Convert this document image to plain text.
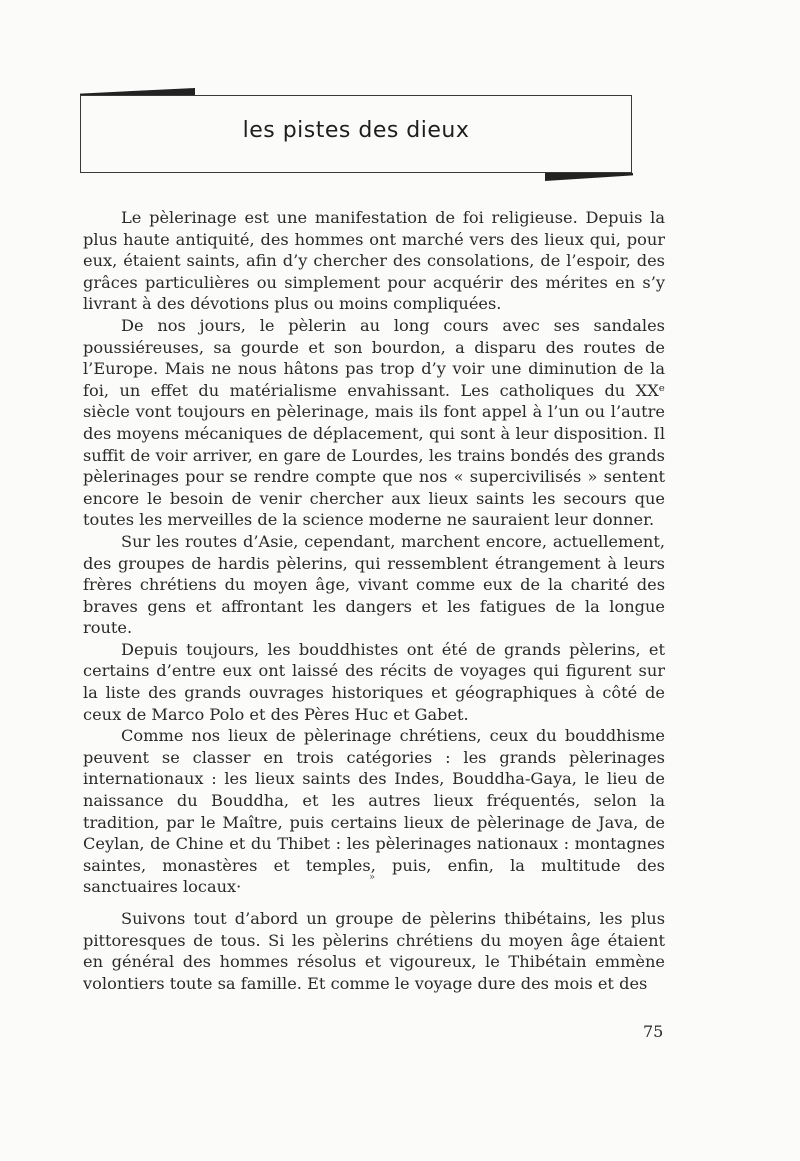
les pistes des dieux

Le pèlerinage est une manifestation de foi religieuse. Depuis la plus haute antiquité, des hommes ont marché vers des lieux qui, pour eux, étaient saints, afin d’y chercher des consolations, de l’espoir, des grâces particulières ou simplement pour acquérir des mérites en s’y livrant à des dévotions plus ou moins compliquées.

De nos jours, le pèlerin au long cours avec ses sandales poussiéreuses, sa gourde et son bourdon, a disparu des routes de l’Europe. Mais ne nous hâtons pas trop d’y voir une diminution de la foi, un effet du matérialisme envahissant. Les catholiques du XXᵉ siècle vont toujours en pèlerinage, mais ils font appel à l’un ou l’autre des moyens mécaniques de déplacement, qui sont à leur disposition. Il suffit de voir arriver, en gare de Lourdes, les trains bondés des grands pèlerinages pour se rendre compte que nos « supercivilisés » sentent encore le besoin de venir chercher aux lieux saints les secours que toutes les merveilles de la science moderne ne sauraient leur donner.

Sur les routes d’Asie, cependant, marchent encore, actuellement, des groupes de hardis pèlerins, qui ressemblent étrangement à leurs frères chrétiens du moyen âge, vivant comme eux de la charité des braves gens et affrontant les dangers et les fatigues de la longue route.

Depuis toujours, les bouddhistes ont été de grands pèlerins, et certains d’entre eux ont laissé des récits de voyages qui figurent sur la liste des grands ouvrages historiques et géographiques à côté de ceux de Marco Polo et des Pères Huc et Gabet.

Comme nos lieux de pèlerinage chrétiens, ceux du bouddhisme peuvent se classer en trois catégories : les grands pèlerinages internationaux : les lieux saints des Indes, Bouddha-Gaya, le lieu de naissance du Bouddha, et les autres lieux fréquentés, selon la tradition, par le Maître, puis certains lieux de pèlerinage de Java, de Ceylan, de Chine et du Thibet : les pèlerinages nationaux : montagnes saintes, monastères et temples, puis, enfin, la multitude des sanctuaires locaux·	»

Suivons tout d’abord un groupe de pèlerins thibétains, les plus pittoresques de tous. Si les pèlerins chrétiens du moyen âge étaient en général des hommes résolus et vigoureux, le Thibétain emmène volontiers toute sa famille. Et comme le voyage dure des mois et des

75
